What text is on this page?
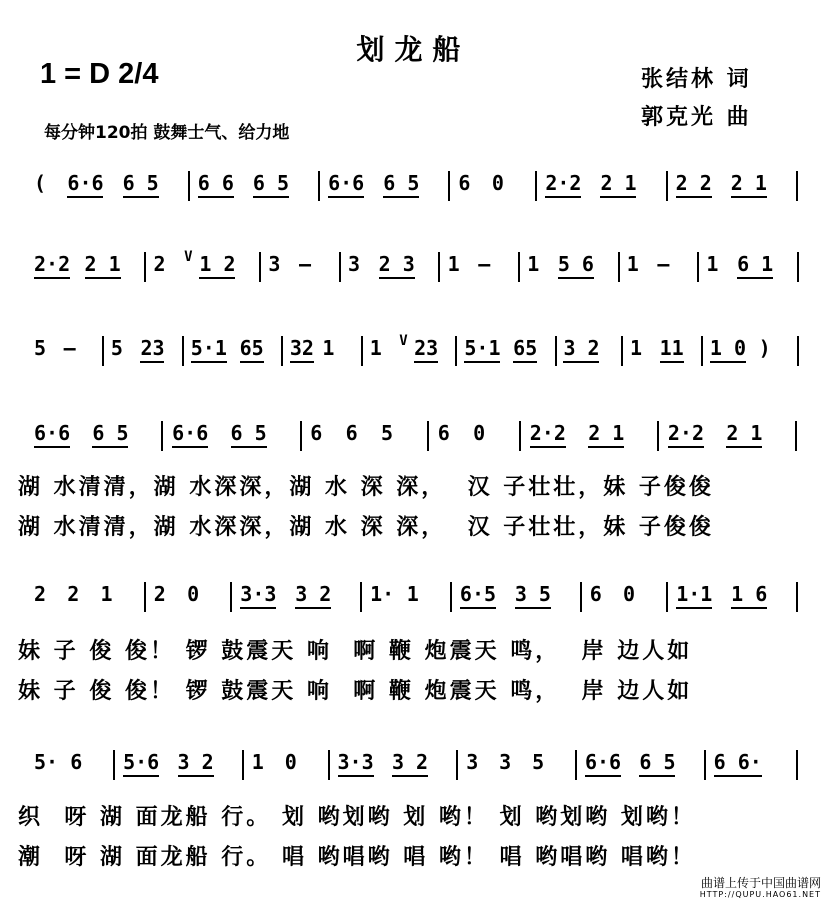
划龙船
1 = D 2/4
每分钟120拍 鼓舞士气、给力地
张结林 词
郭克光 曲
( 6·6 6 5 6 6 6 5 6·6 6 5 6 0 2·2 2 1 2 2 2 1
2·2 2 1 2 V 1 2 3 – 3 2 3 1 – 1 5 6 1 – 1 6 1
5 – 5 23 5·1 65 32 1 1 V 23 5·1 65 3 2 1 11 1 0 )
6·6 6 5 6·6 6 5 6 6 5 6 0 2·2 2 1 2·2 2 1
2 2 1 2 0 3·3 3 2 1· 1 6·5 3 5 6 0 1·1 1 6
5· 6 5·6 3 2 1 0 3·3 3 2 3 3 5 6·6 6 5 6 6·
湖 水清清，湖 水深深，湖 水 深 深，  汉 子壮壮，妹 子俊俊
湖 水清清，湖 水深深，湖 水 深 深，  汉 子壮壮，妹 子俊俊
妹 子 俊 俊！ 锣 鼓震天 响  啊 鞭 炮震天 鸣，  岸 边人如
妹 子 俊 俊！ 锣 鼓震天 响  啊 鞭 炮震天 鸣，  岸 边人如
织  呀 湖 面龙船 行。 划 哟划哟 划 哟！ 划 哟划哟 划哟！
潮  呀 湖 面龙船 行。 唱 哟唱哟 唱 哟！ 唱 哟唱哟 唱哟！
曲谱上传于中国曲谱网
HTTP://QUPU.HAO61.NET
